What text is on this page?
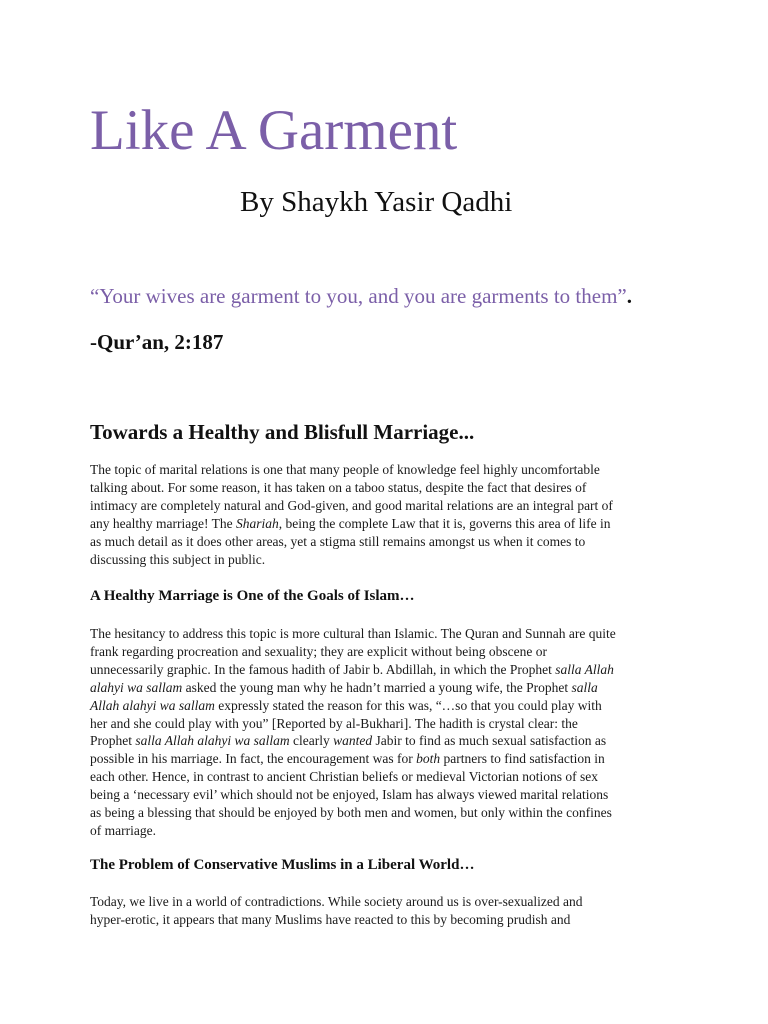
Like A Garment
By Shaykh Yasir Qadhi

“Your wives are garment to you, and you are garments to them”.

-Qur’an, 2:187

Towards a Healthy and Blisfull Marriage...
The topic of marital relations is one that many people of knowledge feel highly uncomfortable
talking about. For some reason, it has taken on a taboo status, despite the fact that desires of
intimacy are completely natural and God-given, and good marital relations are an integral part of
any healthy marriage! The Shariah, being the complete Law that it is, governs this area of life in
as much detail as it does other areas, yet a stigma still remains amongst us when it comes to
discussing this subject in public.
A Healthy Marriage is One of the Goals of Islam…
The hesitancy to address this topic is more cultural than Islamic. The Quran and Sunnah are quite
frank regarding procreation and sexuality; they are explicit without being obscene or
unnecessarily graphic. In the famous hadith of Jabir b. Abdillah, in which the Prophet salla Allah
alahyi wa sallam asked the young man why he hadn’t married a young wife, the Prophet salla
Allah alahyi wa sallam expressly stated the reason for this was, “…so that you could play with
her and she could play with you” [Reported by al-Bukhari]. The hadith is crystal clear: the
Prophet salla Allah alahyi wa sallam clearly wanted Jabir to find as much sexual satisfaction as
possible in his marriage. In fact, the encouragement was for both partners to find satisfaction in
each other. Hence, in contrast to ancient Christian beliefs or medieval Victorian notions of sex
being a ‘necessary evil’ which should not be enjoyed, Islam has always viewed marital relations
as being a blessing that should be enjoyed by both men and women, but only within the confines
of marriage.
The Problem of Conservative Muslims in a Liberal World…
Today, we live in a world of contradictions. While society around us is over-sexualized and
hyper-erotic, it appears that many Muslims have reacted to this by becoming prudish and
